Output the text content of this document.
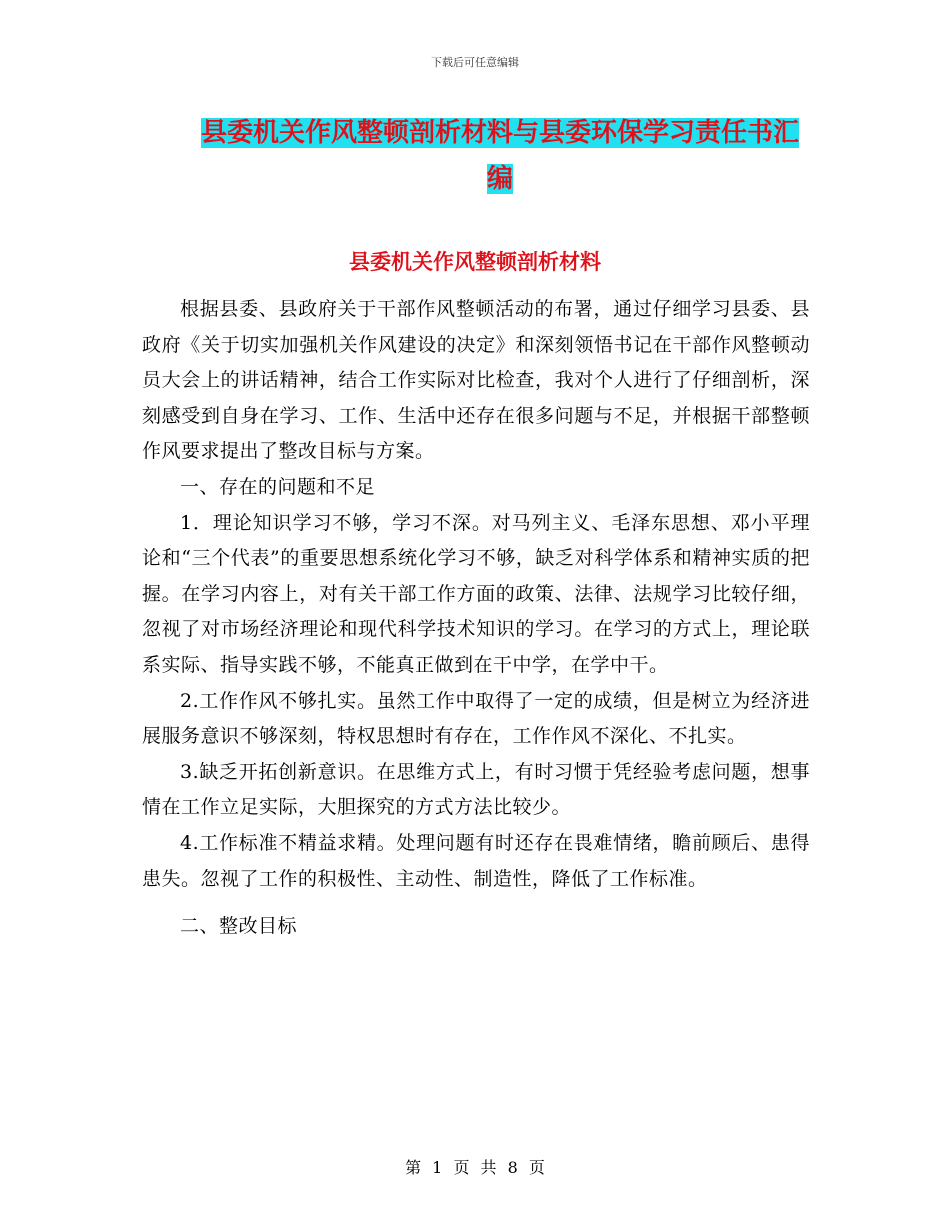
下载后可任意编辑
县委机关作风整顿剖析材料与县委环保学习责任书汇编
县委机关作风整顿剖析材料

根据县委、县政府关于干部作风整顿活动的布署，通过仔细学习县委、县政府《关于切实加强机关作风建设的决定》和深刻领悟书记在干部作风整顿动员大会上的讲话精神，结合工作实际对比检查，我对个人进行了仔细剖析，深刻感受到自身在学习、工作、生活中还存在很多问题与不足，并根据干部整顿作风要求提出了整改目标与方案。

一、存在的问题和不足

1．理论知识学习不够，学习不深。对马列主义、毛泽东思想、邓小平理论和“三个代表”的重要思想系统化学习不够，缺乏对科学体系和精神实质的把握。在学习内容上，对有关干部工作方面的政策、法律、法规学习比较仔细，忽视了对市场经济理论和现代科学技术知识的学习。在学习的方式上，理论联系实际、指导实践不够，不能真正做到在干中学，在学中干。

2.工作作风不够扎实。虽然工作中取得了一定的成绩，但是树立为经济进展服务意识不够深刻，特权思想时有存在，工作作风不深化、不扎实。

3.缺乏开拓创新意识。在思维方式上，有时习惯于凭经验考虑问题，想事情在工作立足实际，大胆探究的方式方法比较少。

4.工作标准不精益求精。处理问题有时还存在畏难情绪，瞻前顾后、患得患失。忽视了工作的积极性、主动性、制造性，降低了工作标准。

二、整改目标

第 1 页 共 8 页
